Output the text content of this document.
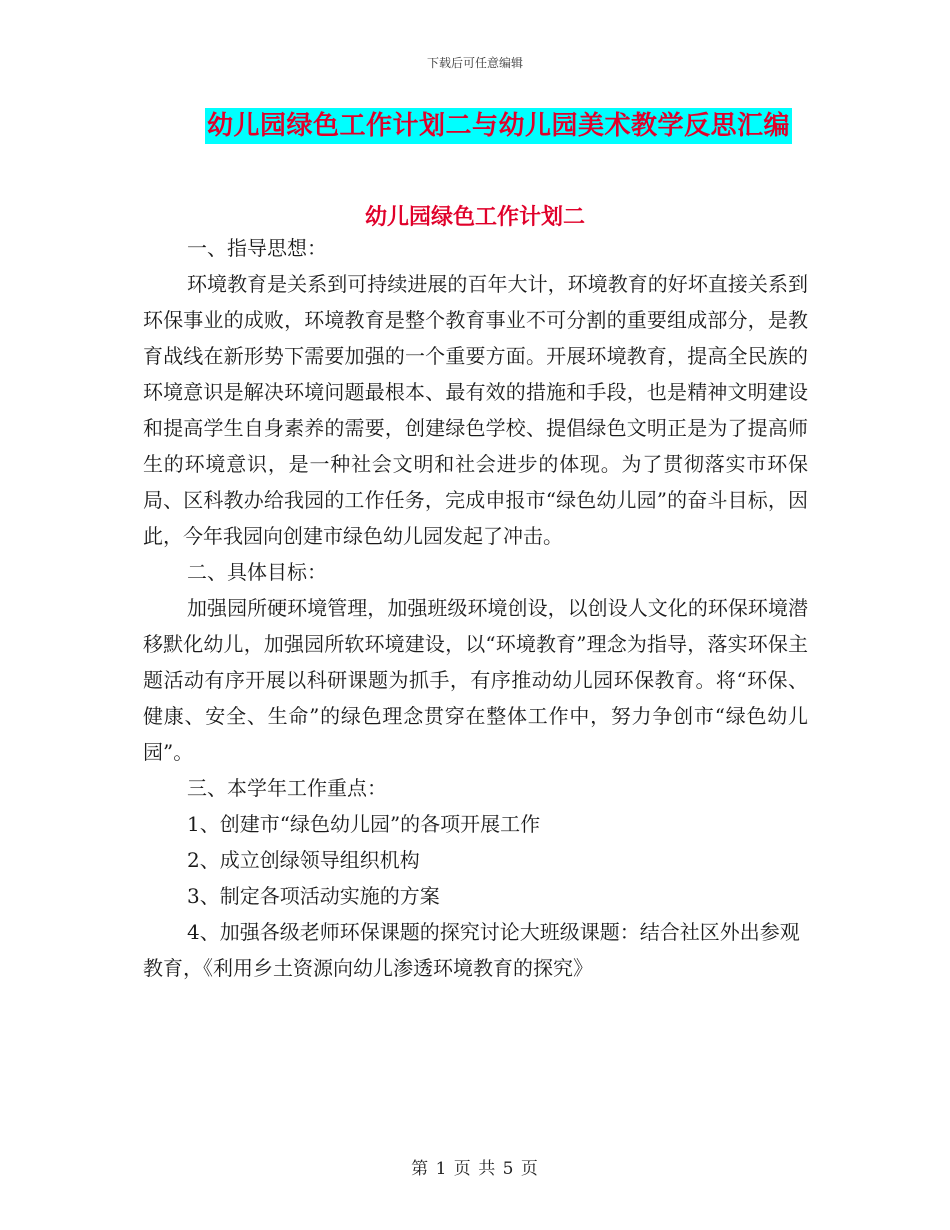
下载后可任意编辑
幼儿园绿色工作计划二与幼儿园美术教学反思汇编
幼儿园绿色工作计划二

一、指导思想：

环境教育是关系到可持续进展的百年大计，环境教育的好坏直接关系到环保事业的成败，环境教育是整个教育事业不可分割的重要组成部分，是教育战线在新形势下需要加强的一个重要方面。开展环境教育，提高全民族的环境意识是解决环境问题最根本、最有效的措施和手段，也是精神文明建设和提高学生自身素养的需要，创建绿色学校、提倡绿色文明正是为了提高师生的环境意识，是一种社会文明和社会进步的体现。为了贯彻落实市环保局、区科教办给我园的工作任务，完成申报市“绿色幼儿园”的奋斗目标，因此，今年我园向创建市绿色幼儿园发起了冲击。

二、具体目标：

加强园所硬环境管理，加强班级环境创设，以创设人文化的环保环境潜移默化幼儿，加强园所软环境建设，以“环境教育”理念为指导，落实环保主题活动有序开展以科研课题为抓手，有序推动幼儿园环保教育。将“环保、健康、安全、生命”的绿色理念贯穿在整体工作中，努力争创市“绿色幼儿园”。

三、本学年工作重点：

1、创建市“绿色幼儿园”的各项开展工作

2、成立创绿领导组织机构

3、制定各项活动实施的方案

4、加强各级老师环保课题的探究讨论大班级课题：结合社区外出参观教育，《利用乡土资源向幼儿渗透环境教育的探究》

第 1 页 共 5 页
